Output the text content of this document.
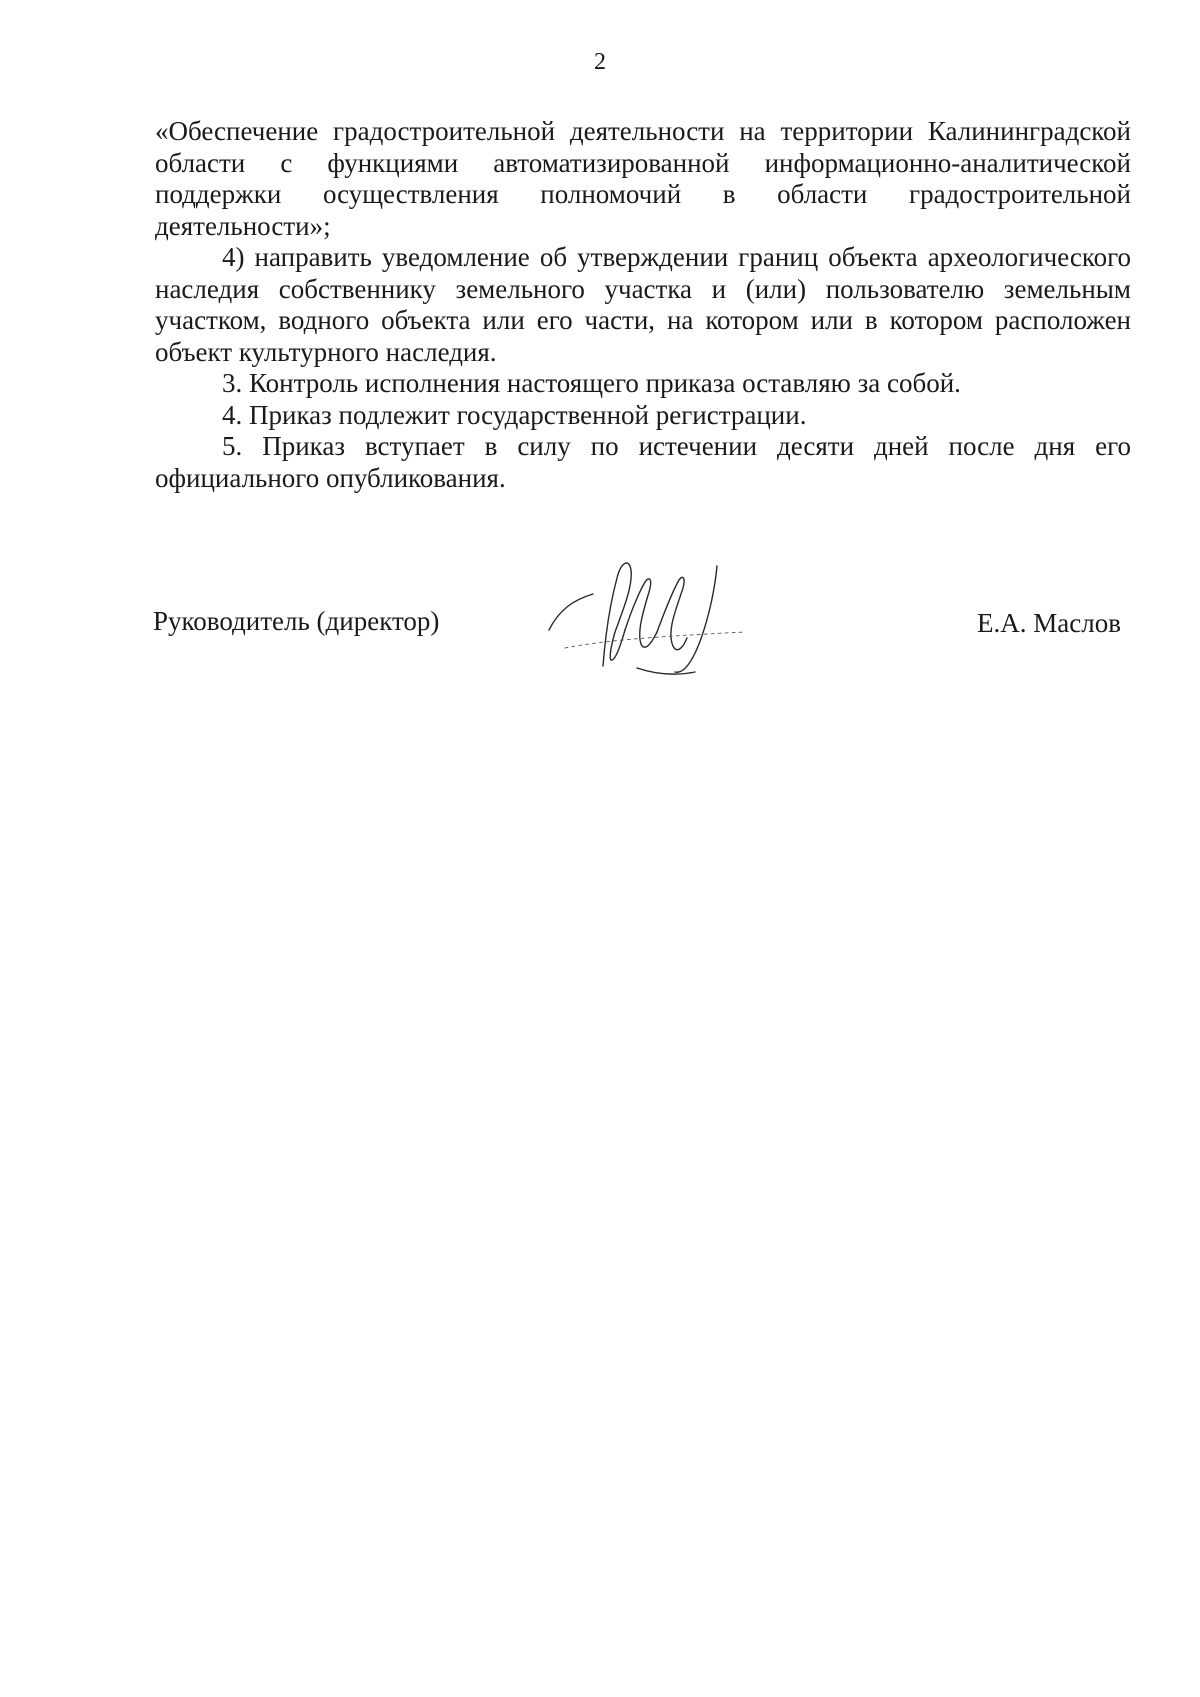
2

«Обеспечение градостроительной деятельности на территории Калининградской области с функциями автоматизированной информационно-аналитической поддержки осуществления полномочий в области градостроительной деятельности»;

4) направить уведомление об утверждении границ объекта археологического наследия собственнику земельного участка и (или) пользователю земельным участком, водного объекта или его части, на котором или в котором расположен объект культурного наследия.

3. Контроль исполнения настоящего приказа оставляю за собой.

4. Приказ подлежит государственной регистрации.

5. Приказ вступает в силу по истечении десяти дней после дня его официального опубликования.

Руководитель (директор)	Е.А. Маслов
